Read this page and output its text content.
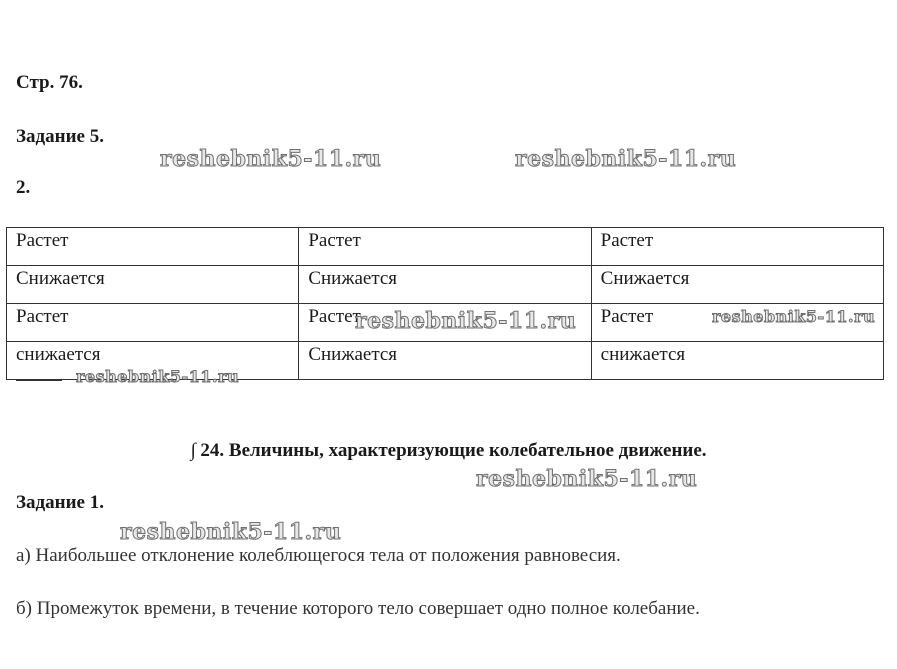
Стр. 76.
Задание 5.
2.
Растет	Растет	Растет
Снижается	Снижается	Снижается
Растет	Растет	Растет
снижается	Снижается	снижается
∫ 24. Величины, характеризующие колебательное движение.
Задание 1.
а) Наибольшее отклонение колеблющегося тела от положения равновесия.
б) Промежуток времени, в течение которого тело совершает одно полное колебание.
reshebnik5-11.ru	reshebnik5-11.ru
reshebnik5-11.ru	reshebnik5-11.ru
reshebnik5-11.ru
reshebnik5-11.ru
reshebnik5-11.ru
